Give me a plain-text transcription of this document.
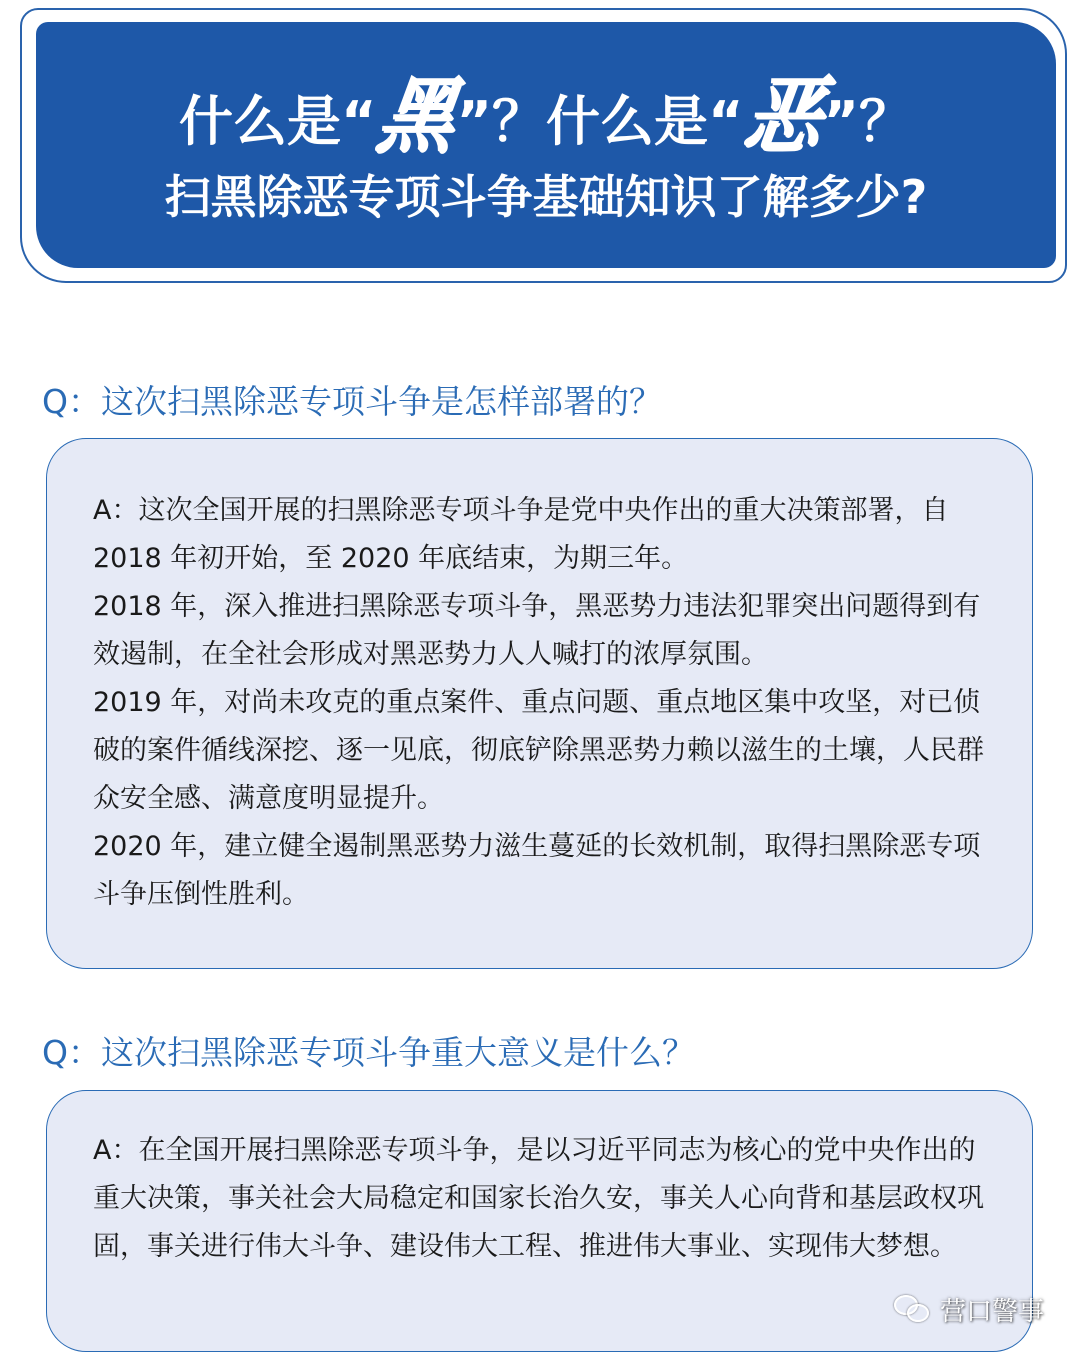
什么是“黑”？什么是“恶”？
扫黑除恶专项斗争基础知识了解多少?
Q：这次扫黑除恶专项斗争是怎样部署的？

A：这次全国开展的扫黑除恶专项斗争是党中央作出的重大决策部署，自 2018 年初开始，至 2020 年底结束，为期三年。

2018 年，深入推进扫黑除恶专项斗争，黑恶势力违法犯罪突出问题得到有效遏制，在全社会形成对黑恶势力人人喊打的浓厚氛围。

2019 年，对尚未攻克的重点案件、重点问题、重点地区集中攻坚，对已侦破的案件循线深挖、逐一见底，彻底铲除黑恶势力赖以滋生的土壤，人民群众安全感、满意度明显提升。

2020 年，建立健全遏制黑恶势力滋生蔓延的长效机制，取得扫黑除恶专项斗争压倒性胜利。

Q：这次扫黑除恶专项斗争重大意义是什么？

A：在全国开展扫黑除恶专项斗争，是以习近平同志为核心的党中央作出的重大决策，事关社会大局稳定和国家长治久安，事关人心向背和基层政权巩固，事关进行伟大斗争、建设伟大工程、推进伟大事业、实现伟大梦想。

营口警事
